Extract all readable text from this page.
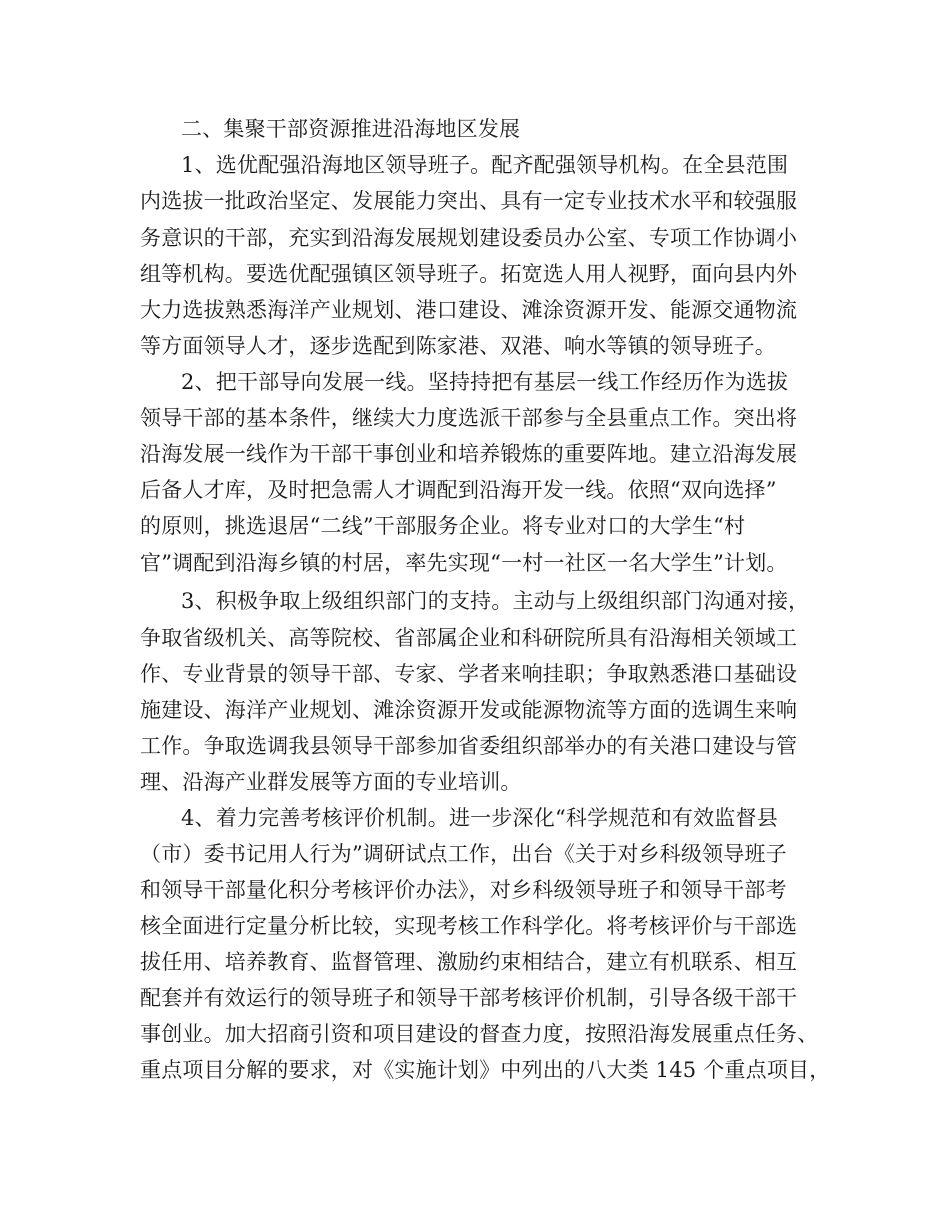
二、集聚干部资源推进沿海地区发展
1、选优配强沿海地区领导班子。配齐配强领导机构。在全县范围
内选拔一批政治坚定、发展能力突出、具有一定专业技术水平和较强服
务意识的干部，充实到沿海发展规划建设委员办公室、专项工作协调小
组等机构。要选优配强镇区领导班子。拓宽选人用人视野，面向县内外
大力选拔熟悉海洋产业规划、港口建设、滩涂资源开发、能源交通物流
等方面领导人才，逐步选配到陈家港、双港、响水等镇的领导班子。
2、把干部导向发展一线。坚持持把有基层一线工作经历作为选拔
领导干部的基本条件，继续大力度选派干部参与全县重点工作。突出将
沿海发展一线作为干部干事创业和培养锻炼的重要阵地。建立沿海发展
后备人才库，及时把急需人才调配到沿海开发一线。依照“双向选择”
的原则，挑选退居“二线”干部服务企业。将专业对口的大学生“村
官”调配到沿海乡镇的村居，率先实现“一村一社区一名大学生”计划。
3、积极争取上级组织部门的支持。主动与上级组织部门沟通对接，
争取省级机关、高等院校、省部属企业和科研院所具有沿海相关领域工
作、专业背景的领导干部、专家、学者来响挂职；争取熟悉港口基础设
施建设、海洋产业规划、滩涂资源开发或能源物流等方面的选调生来响
工作。争取选调我县领导干部参加省委组织部举办的有关港口建设与管
理、沿海产业群发展等方面的专业培训。
4、着力完善考核评价机制。进一步深化“科学规范和有效监督县
（市）委书记用人行为”调研试点工作，出台《关于对乡科级领导班子
和领导干部量化积分考核评价办法》，对乡科级领导班子和领导干部考
核全面进行定量分析比较，实现考核工作科学化。将考核评价与干部选
拔任用、培养教育、监督管理、激励约束相结合，建立有机联系、相互
配套并有效运行的领导班子和领导干部考核评价机制，引导各级干部干
事创业。加大招商引资和项目建设的督查力度，按照沿海发展重点任务、
重点项目分解的要求，对《实施计划》中列出的八大类 145 个重点项目，
